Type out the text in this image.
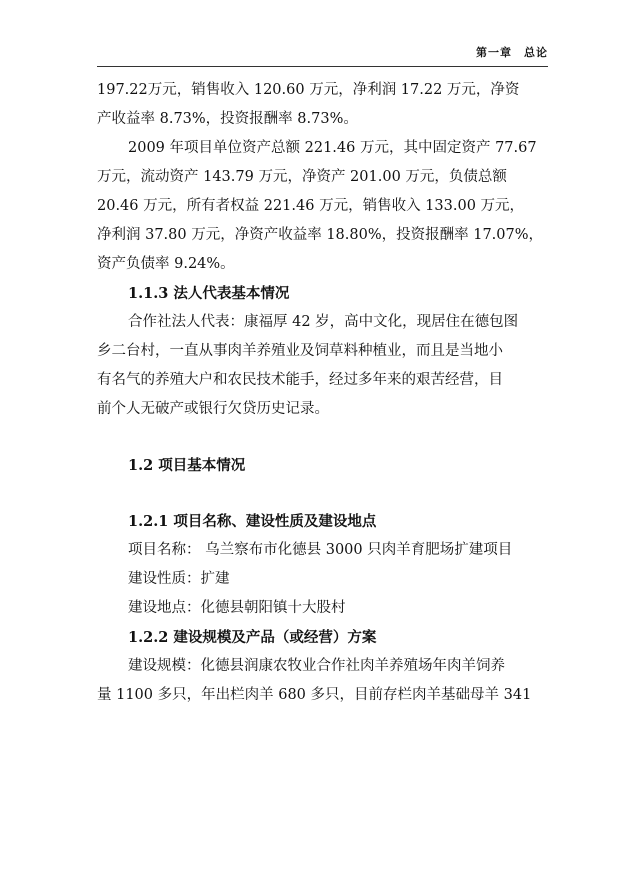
第一章　总论

197.22万元，销售收入 120.60 万元，净利润 17.22 万元，净资
产收益率 8.73%，投资报酬率 8.73%。

2009 年项目单位资产总额 221.46 万元，其中固定资产 77.67
万元，流动资产 143.79 万元，净资产 201.00 万元，负债总额
20.46 万元，所有者权益 221.46 万元，销售收入 133.00 万元，
净利润 37.80 万元，净资产收益率 18.80%，投资报酬率 17.07%，
资产负债率 9.24%。

1.1.3 法人代表基本情况

合作社法人代表：康福厚 42 岁，高中文化，现居住在德包图
乡二台村，一直从事肉羊养殖业及饲草料种植业，而且是当地小
有名气的养殖大户和农民技术能手，经过多年来的艰苦经营，目
前个人无破产或银行欠贷历史记录。

1.2 项目基本情况

1.2.1 项目名称、建设性质及建设地点

项目名称： 乌兰察布市化德县 3000 只肉羊育肥场扩建项目
建设性质：扩建
建设地点：化德县朝阳镇十大股村

1.2.2 建设规模及产品（或经营）方案

建设规模：化德县润康农牧业合作社肉羊养殖场年肉羊饲养
量 1100 多只，年出栏肉羊 680 多只，目前存栏肉羊基础母羊 341
